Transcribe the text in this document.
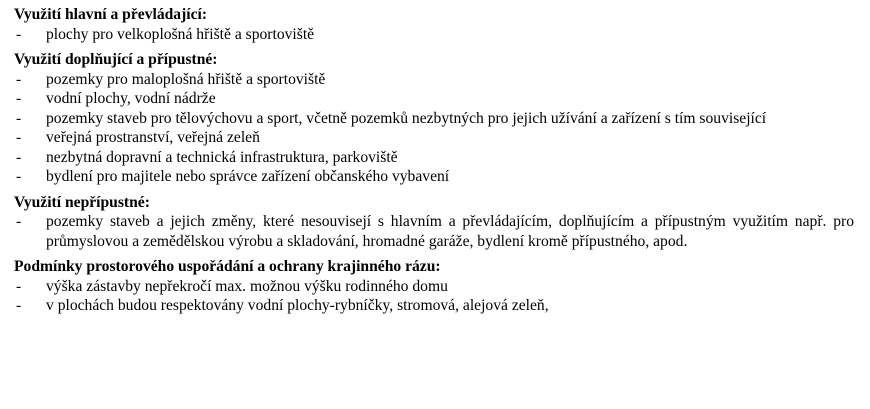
Využití hlavní a převládající:

- plochy pro velkoplošná hřiště a sportoviště

Využití doplňující a přípustné:

- pozemky pro maloplošná hřiště a sportoviště
- vodní plochy, vodní nádrže
- pozemky staveb pro tělovýchovu a sport, včetně pozemků nezbytných pro jejich užívání a zařízení s tím související
- veřejná prostranství, veřejná zeleň
- nezbytná dopravní a technická infrastruktura, parkoviště
- bydlení pro majitele nebo správce zařízení občanského vybavení

Využití nepřípustné:

- pozemky staveb a jejich změny, které nesouvisejí s hlavním a převládajícím, doplňujícím a přípustným využitím např. pro průmyslovou a zemědělskou výrobu a skladování, hromadné garáže, bydlení kromě přípustného, apod.

Podmínky prostorového uspořádání a ochrany krajinného rázu:

- výška zástavby nepřekročí max. možnou výšku rodinného domu
- v plochách budou respektovány vodní plochy-rybníčky, stromová, alejová zeleň,
